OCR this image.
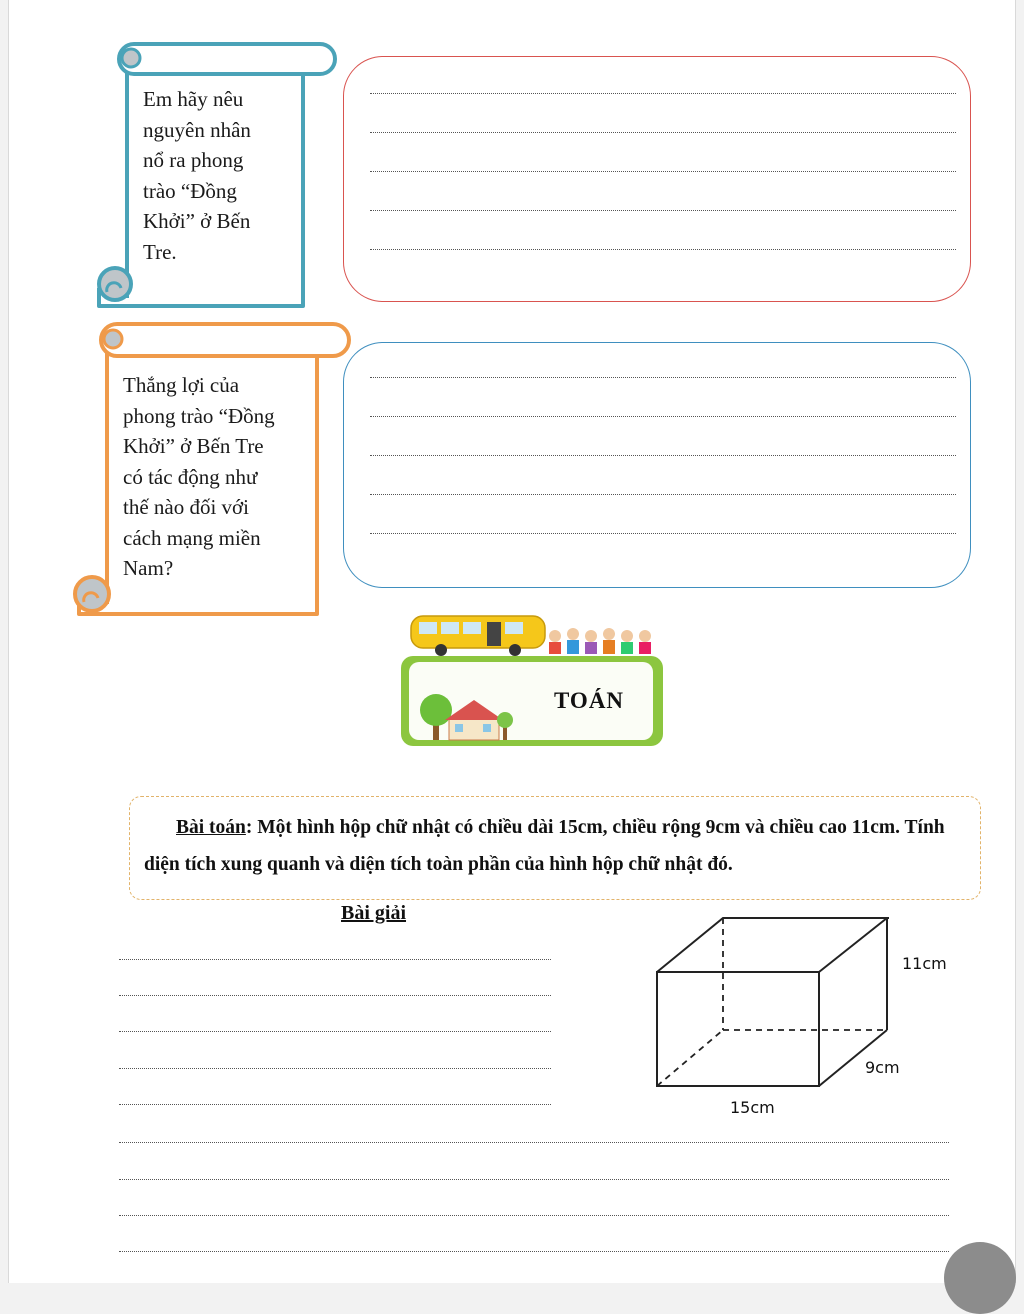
Em hãy nêu
nguyên nhân
nổ ra phong
trào “Đồng
Khởi” ở Bến
Tre.
Thắng lợi của
phong trào “Đồng
Khởi” ở Bến Tre
có tác động như
thế nào đối với
cách mạng miền
Nam?
TOÁN
Bài toán: Một hình hộp chữ nhật có chiều dài 15cm, chiều rộng 9cm và chiều cao 11cm. Tính diện tích xung quanh và diện tích toàn phần của hình hộp chữ nhật đó.
Bài giải
11cm
9cm
15cm
